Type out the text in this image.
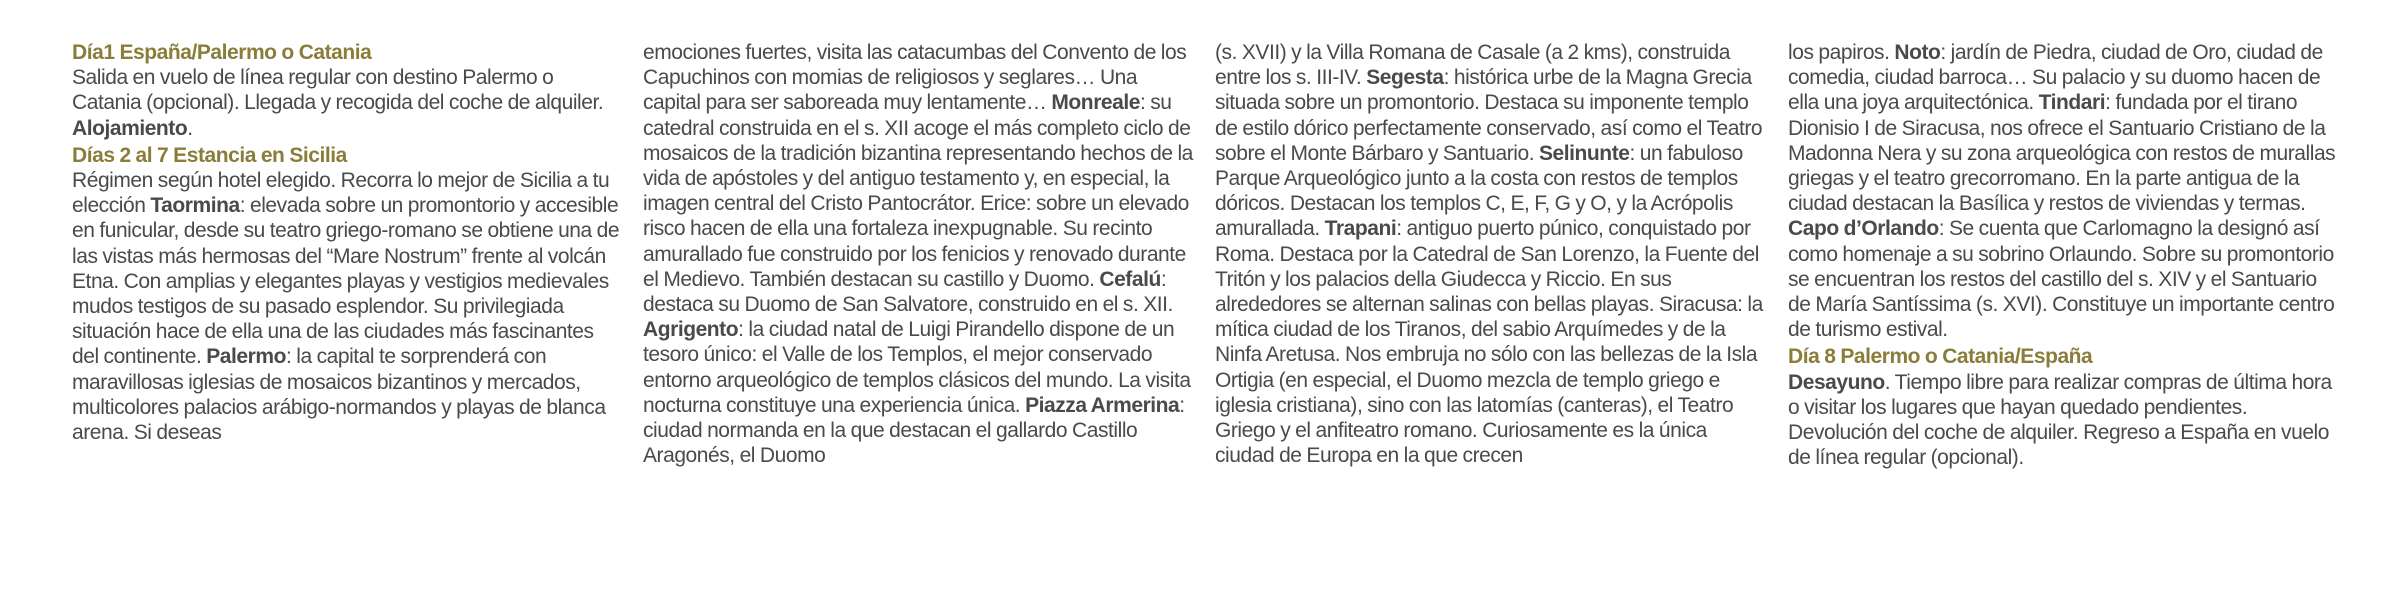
Día1 España/Palermo o Catania
Salida en vuelo de línea regular con destino Palermo o Catania (opcional). Llegada y recogida del coche de alquiler. Alojamiento.
Días 2 al 7 Estancia en Sicilia
Régimen según hotel elegido. Recorra lo mejor de Sicilia a tu elección Taormina: elevada sobre un promontorio y accesible en funicular, desde su teatro griego-romano se obtiene una de las vistas más hermosas del “Mare Nostrum” frente al volcán Etna. Con amplias y elegantes playas y vestigios medievales mudos testigos de su pasado esplendor. Su privilegiada situación hace de ella una de las ciudades más fascinantes del continente. Palermo: la capital te sorprenderá con maravillosas iglesias de mosaicos bizantinos y mercados, multicolores palacios arábigo-normandos y playas de blanca arena. Si deseas
emociones fuertes, visita las catacumbas del Convento de los Capuchinos con momias de religiosos y seglares… Una capital para ser saboreada muy lentamente… Monreale: su catedral construida en el s. XII acoge el más completo ciclo de mosaicos de la tradición bizantina representando hechos de la vida de apóstoles y del antiguo testamento y, en especial, la imagen central del Cristo Pantocrátor. Erice: sobre un elevado risco hacen de ella una fortaleza inexpugnable. Su recinto amurallado fue construido por los fenicios y renovado durante el Medievo. También destacan su castillo y Duomo. Cefalú: destaca su Duomo de San Salvatore, construido en el s. XII. Agrigento: la ciudad natal de Luigi Pirandello dispone de un tesoro único: el Valle de los Templos, el mejor conservado entorno arqueológico de templos clásicos del mundo. La visita nocturna constituye una experiencia única. Piazza Armerina: ciudad normanda en la que destacan el gallardo Castillo Aragonés, el Duomo
(s. XVII) y la Villa Romana de Casale (a 2 kms), construida entre los s. III-IV. Segesta: histórica urbe de la Magna Grecia situada sobre un promontorio. Destaca su imponente templo de estilo dórico perfectamente conservado, así como el Teatro sobre el Monte Bárbaro y Santuario. Selinunte: un fabuloso Parque Arqueológico junto a la costa con restos de templos dóricos. Destacan los templos C, E, F, G y O, y la Acrópolis amurallada. Trapani: antiguo puerto púnico, conquistado por Roma. Destaca por la Catedral de San Lorenzo, la Fuente del Tritón y los palacios della Giudecca y Riccio. En sus alrededores se alternan salinas con bellas playas. Siracusa: la mítica ciudad de los Tiranos, del sabio Arquímedes y de la Ninfa Aretusa. Nos embruja no sólo con las bellezas de la Isla Ortigia (en especial, el Duomo mezcla de templo griego e iglesia cristiana), sino con las latomías (canteras), el Teatro Griego y el anfiteatro romano. Curiosamente es la única ciudad de Europa en la que crecen
los papiros. Noto: jardín de Piedra, ciudad de Oro, ciudad de comedia, ciudad barroca… Su palacio y su duomo hacen de ella una joya arquitectónica. Tindari: fundada por el tirano Dionisio I de Siracusa, nos ofrece el Santuario Cristiano de la Madonna Nera y su zona arqueológica con restos de murallas griegas y el teatro grecorromano. En la parte antigua de la ciudad destacan la Basílica y restos de viviendas y termas. Capo d’Orlando: Se cuenta que Carlomagno la designó así como homenaje a su sobrino Orlaundo. Sobre su promontorio se encuentran los restos del castillo del s. XIV y el Santuario de María Santíssima (s. XVI). Constituye un importante centro de turismo estival.
Día 8 Palermo o Catania/España
Desayuno. Tiempo libre para realizar compras de última hora o visitar los lugares que hayan quedado pendientes. Devolución del coche de alquiler. Regreso a España en vuelo de línea regular (opcional).
